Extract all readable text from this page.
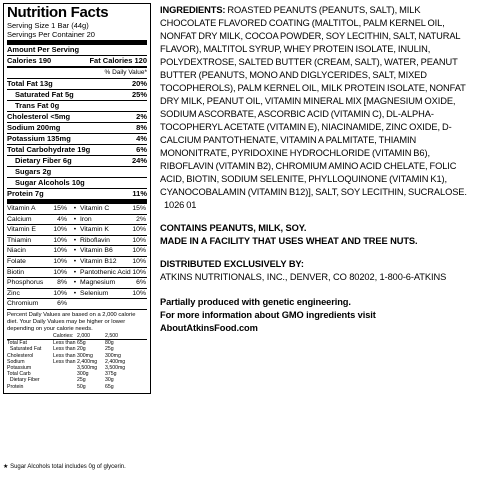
Nutrition Facts
Serving Size 1 Bar (44g)
Servings Per Container 20
Amount Per Serving
Calories 190	Fat Calories 120
% Daily Value*
Total Fat 13g	20%
Saturated Fat 5g	25%
Trans Fat 0g
Cholesterol <5mg	2%
Sodium 200mg	8%
Potassium 135mg	4%
Total Carbohydrate 19g	6%
Dietary Fiber 6g	24%
Sugars 2g
Sugar Alcohols 10g
Protein 7g	11%
Vitamin A	15% • Vitamin C	15%
Calcium	4% • Iron	2%
Vitamin E	10% • Vitamin K	10%
Thiamin	10% • Riboflavin	10%
Niacin	10% • Vitamin B6	10%
Folate	10% • Vitamin B12	10%
Biotin	10% • Pantothenic Acid 10%
Phosphorus	8% • Magnesium	6%
Zinc	10% • Selenium	10%
Chromium	6%
Percent Daily Values are based on a 2,000 calorie diet. Your Daily Values may be higher or lower depending on your calorie needs.
Calories: 2,000	2,500
Total Fat	Less than 65g	80g
Saturated Fat	Less than 20g	25g
Cholesterol	Less than 300mg	300mg
Sodium	Less than 2,400mg	2,400mg
Potassium	3,500mg	3,500mg
Total Carb	300g	375g
Dietary Fiber	25g	30g
Protein	50g	65g
★ Sugar Alcohols total includes 0g of glycerin.
INGREDIENTS: ROASTED PEANUTS (PEANUTS, SALT), MILK CHOCOLATE FLAVORED COATING (MALTITOL, PALM KERNEL OIL, NONFAT DRY MILK, COCOA POWDER, SOY LECITHIN, SALT, NATURAL FLAVOR), MALTITOL SYRUP, WHEY PROTEIN ISOLATE, INULIN, POLYDEXTROSE, SALTED BUTTER (CREAM, SALT), WATER, PEANUT BUTTER (PEANUTS, MONO AND DIGLYCERIDES, SALT, MIXED TOCOPHEROLS), PALM KERNEL OIL, MILK PROTEIN ISOLATE, NONFAT DRY MILK, PEANUT OIL, VITAMIN MINERAL MIX [MAGNESIUM OXIDE, SODIUM ASCORBATE, ASCORBIC ACID (VITAMIN C), DL-ALPHA-TOCOPHERYL ACETATE (VITAMIN E), NIACINAMIDE, ZINC OXIDE, D-CALCIUM PANTOTHENATE, VITAMIN A PALMITATE, THIAMIN MONONITRATE, PYRIDOXINE HYDROCHLORIDE (VITAMIN B6), RIBOFLAVIN (VITAMIN B2), CHROMIUM AMINO ACID CHELATE, FOLIC ACID, BIOTIN, SODIUM SELENITE, PHYLLOQUINONE (VITAMIN K1), CYANOCOBALAMIN (VITAMIN B12)], SALT, SOY LECITHIN, SUCRALOSE.   1026 01
CONTAINS PEANUTS, MILK, SOY.
MADE IN A FACILITY THAT USES WHEAT AND TREE NUTS.
DISTRIBUTED EXCLUSIVELY BY:
ATKINS NUTRITIONALS, INC., DENVER, CO 80202, 1-800-6-ATKINS
Partially produced with genetic engineering.
For more information about GMO ingredients visit
AboutAtkinsFood.com
